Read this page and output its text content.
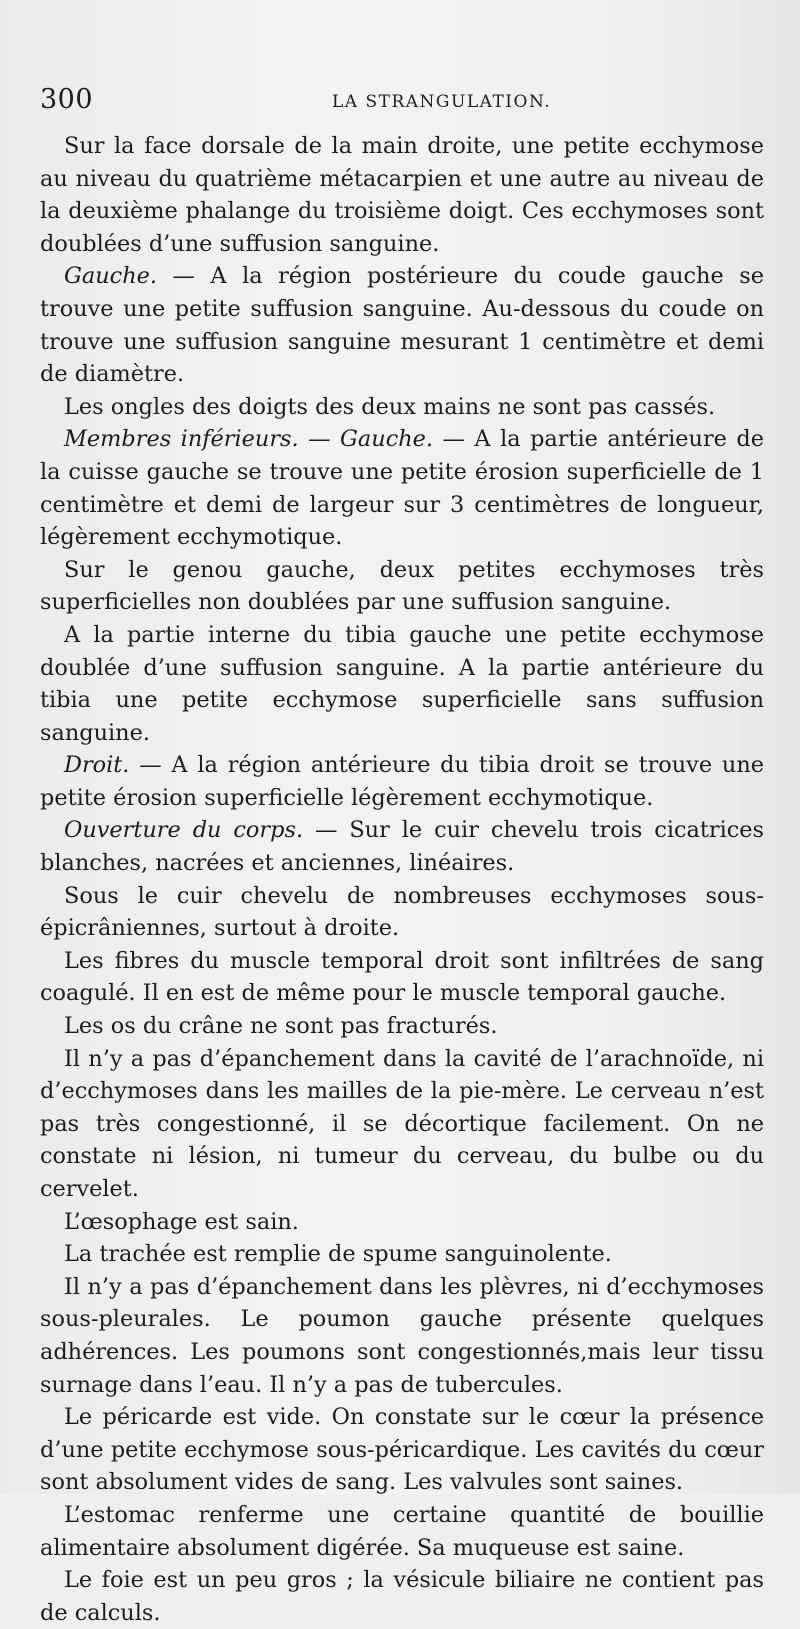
300	LA STRANGULATION.

Sur la face dorsale de la main droite, une petite ecchymose au niveau du quatrième métacarpien et une autre au niveau de la deuxième phalange du troisième doigt. Ces ecchymoses sont doublées d’une suffusion sanguine.

Gauche. — A la région postérieure du coude gauche se trouve une petite suffusion sanguine. Au-dessous du coude on trouve une suffusion sanguine mesurant 1 centimètre et demi de diamètre.

Les ongles des doigts des deux mains ne sont pas cassés.

Membres inférieurs. — Gauche. — A la partie antérieure de la cuisse gauche se trouve une petite érosion superficielle de 1 centimètre et demi de largeur sur 3 centimètres de longueur, légèrement ecchymotique.

Sur le genou gauche, deux petites ecchymoses très superficielles non doublées par une suffusion sanguine.

A la partie interne du tibia gauche une petite ecchymose doublée d’une suffusion sanguine. A la partie antérieure du tibia une petite ecchymose superficielle sans suffusion sanguine.

Droit. — A la région antérieure du tibia droit se trouve une petite érosion superficielle légèrement ecchymotique.

Ouverture du corps. — Sur le cuir chevelu trois cicatrices blanches, nacrées et anciennes, linéaires.

Sous le cuir chevelu de nombreuses ecchymoses sous-épicrâniennes, surtout à droite.

Les fibres du muscle temporal droit sont infiltrées de sang coagulé. Il en est de même pour le muscle temporal gauche.

Les os du crâne ne sont pas fracturés.

Il n’y a pas d’épanchement dans la cavité de l’arachnoïde, ni d’ecchymoses dans les mailles de la pie-mère. Le cerveau n’est pas très congestionné, il se décortique facilement. On ne constate ni lésion, ni tumeur du cerveau, du bulbe ou du cervelet.

L’œsophage est sain.

La trachée est remplie de spume sanguinolente.

Il n’y a pas d’épanchement dans les plèvres, ni d’ecchymoses sous-pleurales. Le poumon gauche présente quelques adhérences. Les poumons sont congestionnés,mais leur tissu surnage dans l’eau. Il n’y a pas de tubercules.

Le péricarde est vide. On constate sur le cœur la présence d’une petite ecchymose sous-péricardique. Les cavités du cœur sont absolument vides de sang. Les valvules sont saines.

L’estomac renferme une certaine quantité de bouillie alimentaire absolument digérée. Sa muqueuse est saine.

Le foie est un peu gros ; la vésicule biliaire ne contient pas de calculs.
